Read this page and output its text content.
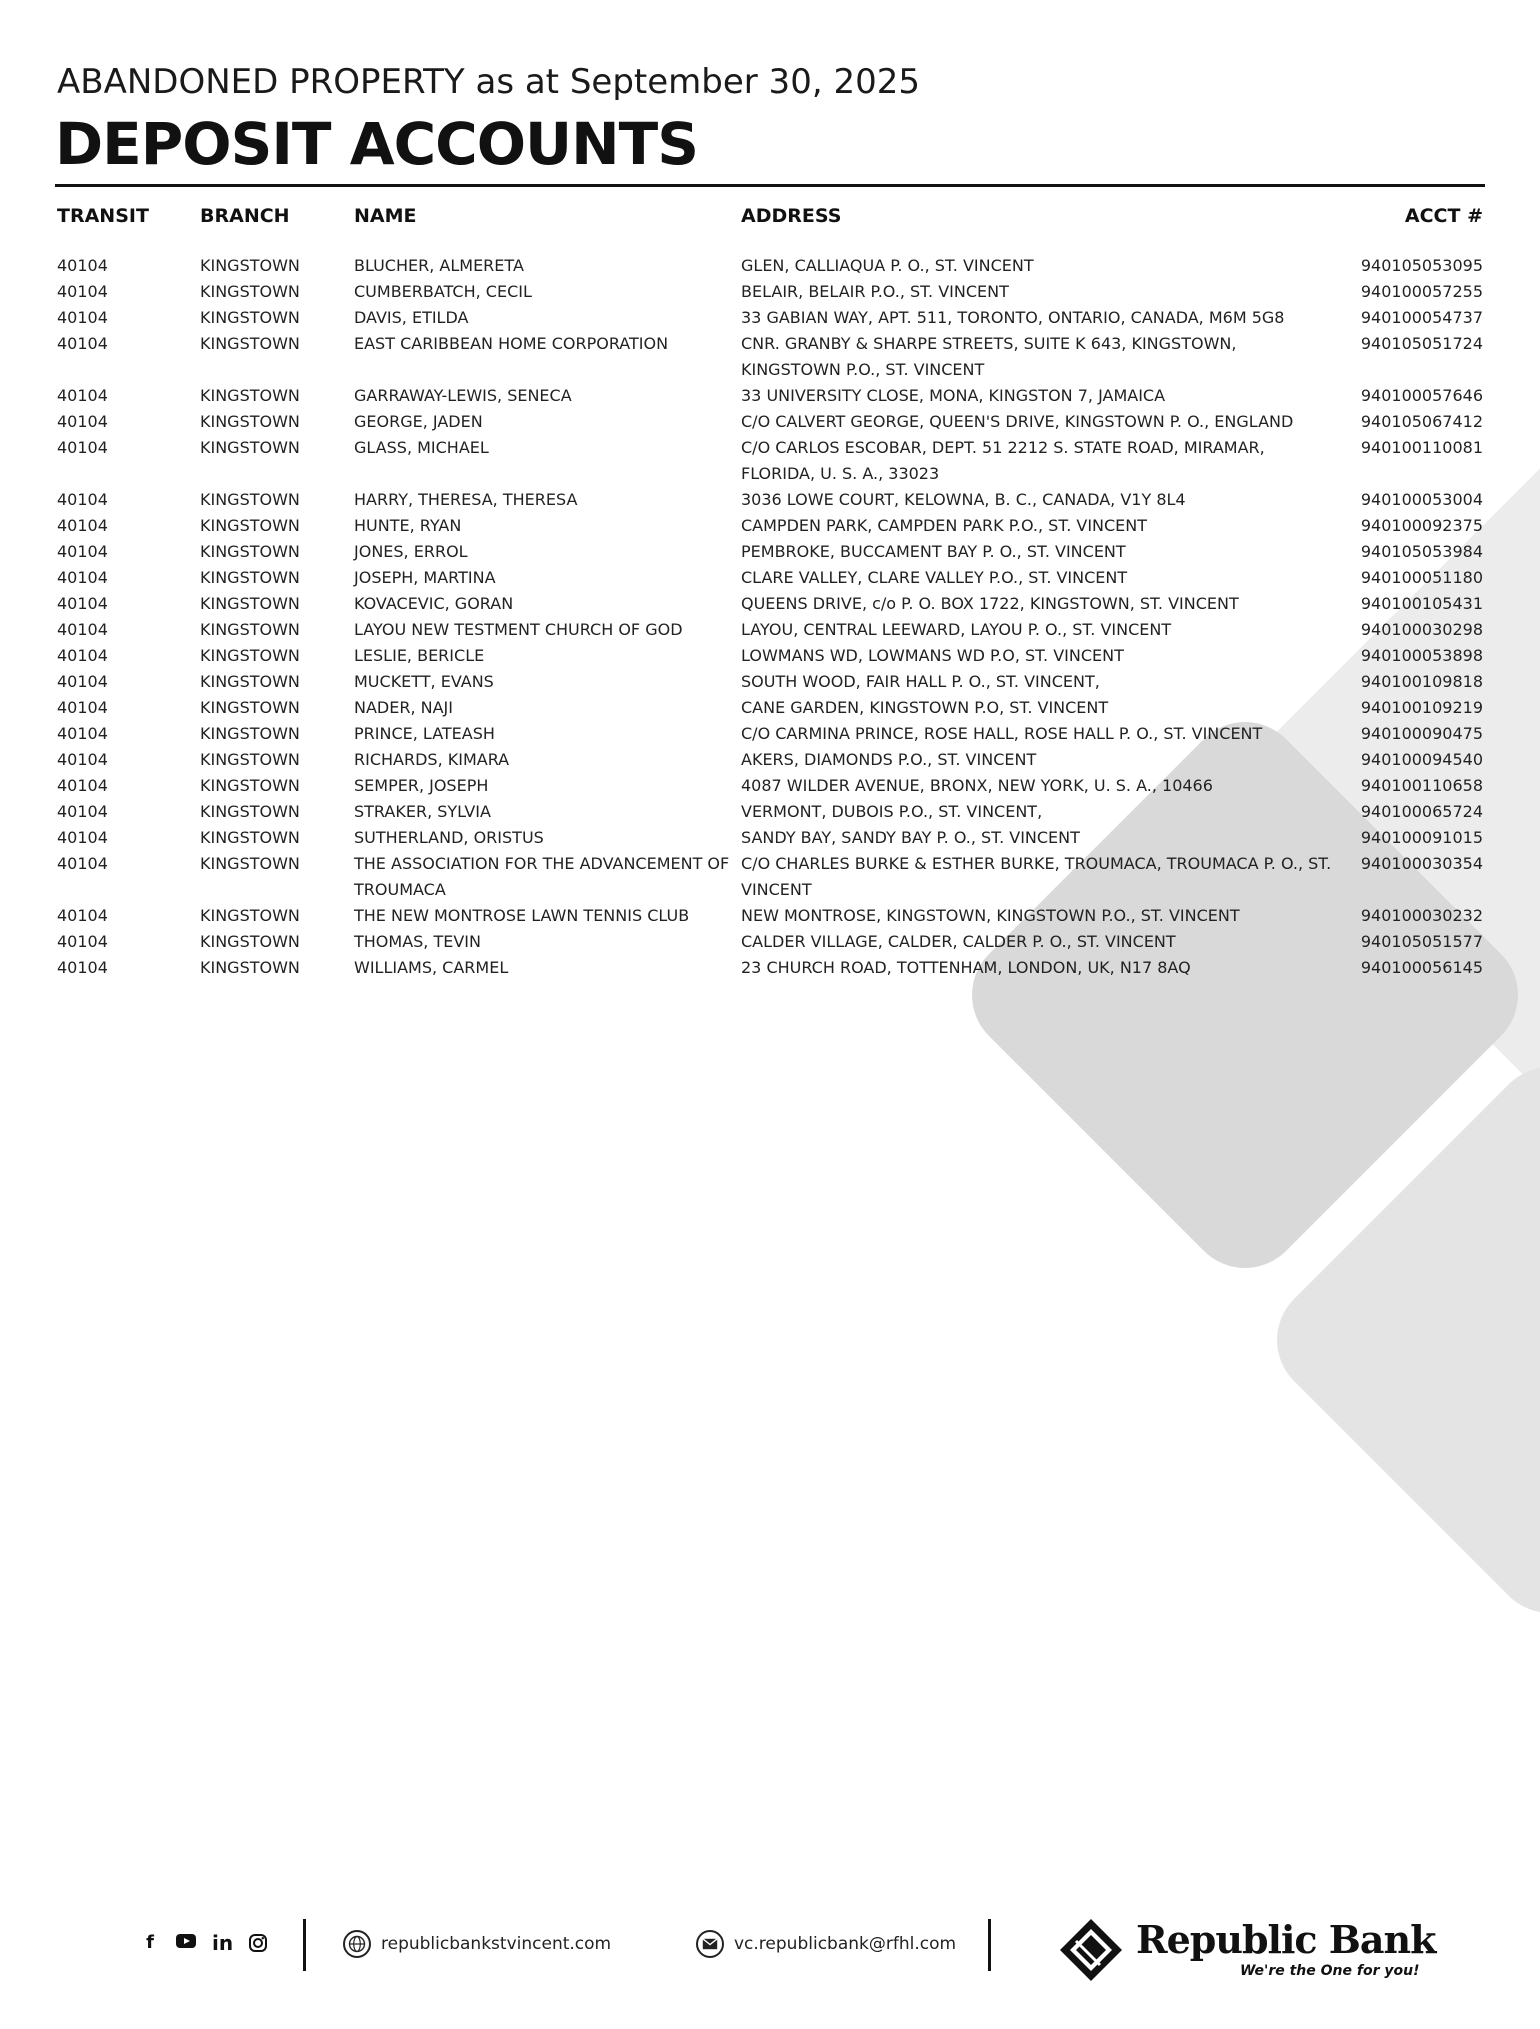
ABANDONED PROPERTY as at September 30, 2025
DEPOSIT ACCOUNTS
TRANSIT	BRANCH	NAME	ADDRESS	ACCT #
40104	KINGSTOWN	BLUCHER, ALMERETA	GLEN, CALLIAQUA P. O., ST. VINCENT	940105053095
40104	KINGSTOWN	CUMBERBATCH, CECIL	BELAIR, BELAIR P.O., ST. VINCENT	940100057255
40104	KINGSTOWN	DAVIS, ETILDA	33 GABIAN WAY, APT. 511, TORONTO, ONTARIO, CANADA, M6M 5G8	940100054737
40104	KINGSTOWN	EAST CARIBBEAN HOME CORPORATION	CNR. GRANBY & SHARPE STREETS, SUITE K 643, KINGSTOWN, KINGSTOWN P.O., ST. VINCENT	940105051724
40104	KINGSTOWN	GARRAWAY-LEWIS, SENECA	33 UNIVERSITY CLOSE, MONA, KINGSTON 7, JAMAICA	940100057646
40104	KINGSTOWN	GEORGE, JADEN	C/O CALVERT GEORGE, QUEEN'S DRIVE, KINGSTOWN P. O., ENGLAND	940105067412
40104	KINGSTOWN	GLASS, MICHAEL	C/O CARLOS ESCOBAR, DEPT. 51 2212 S. STATE ROAD, MIRAMAR, FLORIDA, U. S. A., 33023	940100110081
40104	KINGSTOWN	HARRY, THERESA, THERESA	3036 LOWE COURT, KELOWNA, B. C., CANADA, V1Y 8L4	940100053004
40104	KINGSTOWN	HUNTE, RYAN	CAMPDEN PARK, CAMPDEN PARK P.O., ST. VINCENT	940100092375
40104	KINGSTOWN	JONES, ERROL	PEMBROKE, BUCCAMENT BAY P. O., ST. VINCENT	940105053984
40104	KINGSTOWN	JOSEPH, MARTINA	CLARE VALLEY, CLARE VALLEY P.O., ST. VINCENT	940100051180
40104	KINGSTOWN	KOVACEVIC, GORAN	QUEENS DRIVE, c/o P. O. BOX 1722, KINGSTOWN, ST. VINCENT	940100105431
40104	KINGSTOWN	LAYOU NEW TESTMENT CHURCH OF GOD	LAYOU, CENTRAL LEEWARD, LAYOU P. O., ST. VINCENT	940100030298
40104	KINGSTOWN	LESLIE, BERICLE	LOWMANS WD, LOWMANS WD P.O, ST. VINCENT	940100053898
40104	KINGSTOWN	MUCKETT, EVANS	SOUTH WOOD, FAIR HALL P. O., ST. VINCENT,	940100109818
40104	KINGSTOWN	NADER, NAJI	CANE GARDEN, KINGSTOWN P.O, ST. VINCENT	940100109219
40104	KINGSTOWN	PRINCE, LATEASH	C/O CARMINA PRINCE, ROSE HALL, ROSE HALL P. O., ST. VINCENT	940100090475
40104	KINGSTOWN	RICHARDS, KIMARA	AKERS, DIAMONDS P.O., ST. VINCENT	940100094540
40104	KINGSTOWN	SEMPER, JOSEPH	4087 WILDER AVENUE, BRONX, NEW YORK, U. S. A., 10466	940100110658
40104	KINGSTOWN	STRAKER, SYLVIA	VERMONT, DUBOIS P.O., ST. VINCENT,	940100065724
40104	KINGSTOWN	SUTHERLAND, ORISTUS	SANDY BAY, SANDY BAY P. O., ST. VINCENT	940100091015
40104	KINGSTOWN	THE ASSOCIATION FOR THE ADVANCEMENT OF TROUMACA	C/O CHARLES BURKE & ESTHER BURKE, TROUMACA, TROUMACA P. O., ST. VINCENT	940100030354
40104	KINGSTOWN	THE NEW MONTROSE LAWN TENNIS CLUB	NEW MONTROSE, KINGSTOWN, KINGSTOWN P.O., ST. VINCENT	940100030232
40104	KINGSTOWN	THOMAS, TEVIN	CALDER VILLAGE, CALDER, CALDER P. O., ST. VINCENT	940105051577
40104	KINGSTOWN	WILLIAMS, CARMEL	23 CHURCH ROAD, TOTTENHAM, LONDON, UK, N17 8AQ	940100056145
f	in	republicbankstvincent.com	vc.republicbank@rfhl.com	Republic Bank
We're the One for you!
